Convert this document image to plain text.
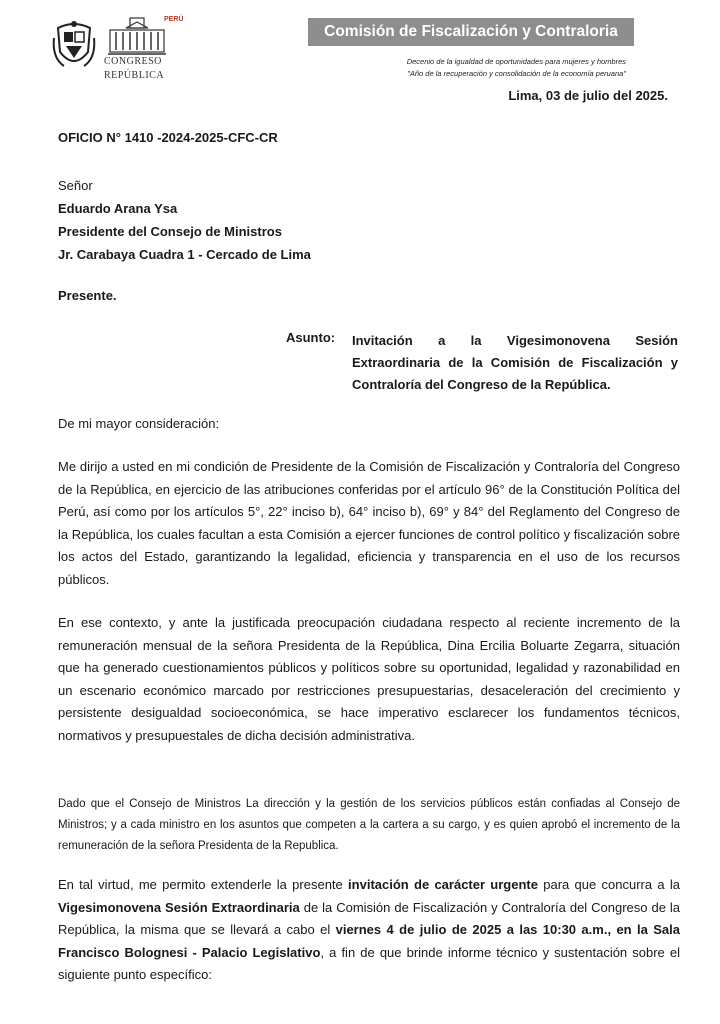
PERÚ
CONGRESO
REPÚBLICA
Comisión de Fiscalización y Contraloria
Decenio de la igualdad de oportunidades para mujeres y hombres
"Año de la recuperación y consolidación de la economía peruana"
Lima, 03 de julio del 2025.
OFICIO N° 1410 -2024-2025-CFC-CR
Señor
Eduardo Arana Ysa
Presidente del Consejo de Ministros
Jr. Carabaya Cuadra 1 - Cercado de Lima
Presente.
Asunto: Invitación a la Vigesimonovena Sesión Extraordinaria de la Comisión de Fiscalización y Contraloría del Congreso de la República.
De mi mayor consideración:
Me dirijo a usted en mi condición de Presidente de la Comisión de Fiscalización y Contraloría del Congreso de la República, en ejercicio de las atribuciones conferidas por el artículo 96° de la Constitución Política del Perú, así como por los artículos 5°, 22° inciso b), 64° inciso b), 69° y 84° del Reglamento del Congreso de la República, los cuales facultan a esta Comisión a ejercer funciones de control político y fiscalización sobre los actos del Estado, garantizando la legalidad, eficiencia y transparencia en el uso de los recursos públicos.
En ese contexto, y ante la justificada preocupación ciudadana respecto al reciente incremento de la remuneración mensual de la señora Presidenta de la República, Dina Ercilia Boluarte Zegarra, situación que ha generado cuestionamientos públicos y políticos sobre su oportunidad, legalidad y razonabilidad en un escenario económico marcado por restricciones presupuestarias, desaceleración del crecimiento y persistente desigualdad socioeconómica, se hace imperativo esclarecer los fundamentos técnicos, normativos y presupuestales de dicha decisión administrativa.
Dado que el Consejo de Ministros La dirección y la gestión de los servicios públicos están confiadas al Consejo de Ministros; y a cada ministro en los asuntos que competen a la cartera a su cargo, y es quien aprobó el incremento de la remuneración de la señora Presidenta de la Republica.
En tal virtud, me permito extenderle la presente invitación de carácter urgente para que concurra a la Vigesimonovena Sesión Extraordinaria de la Comisión de Fiscalización y Contraloría del Congreso de la República, la misma que se llevará a cabo el viernes 4 de julio de 2025 a las 10:30 a.m., en la Sala Francisco Bolognesi - Palacio Legislativo, a fin de que brinde informe técnico y sustentación sobre el siguiente punto específico:
